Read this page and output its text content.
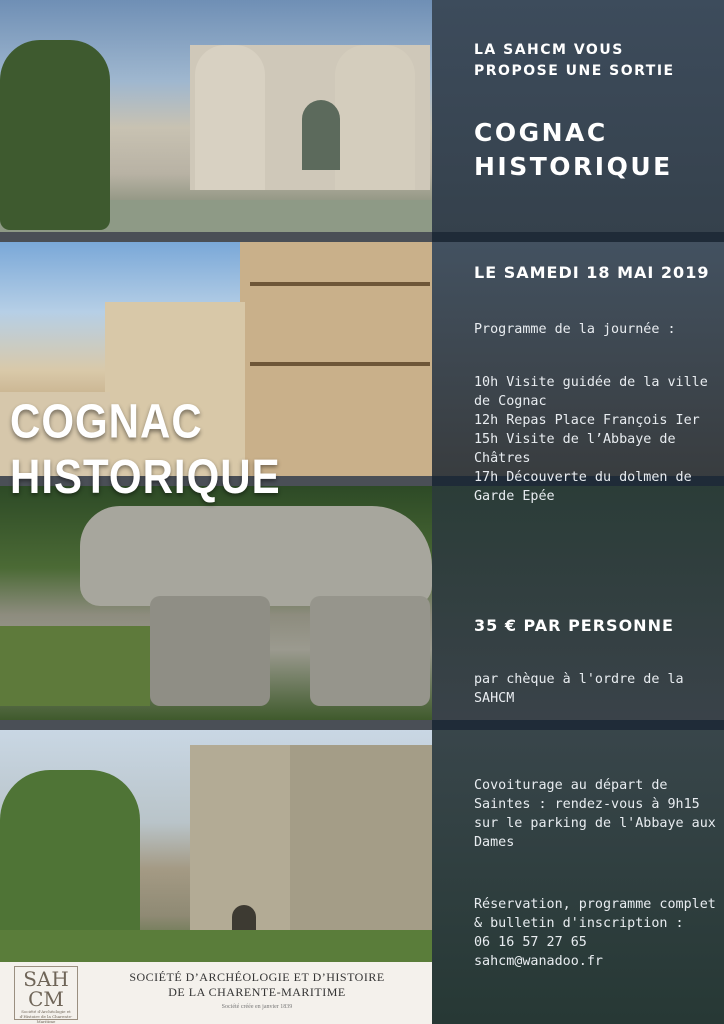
COGNAC HISTORIQUE
LA SAHCM VOUS
PROPOSE UNE SORTIE
COGNAC
HISTORIQUE
LE SAMEDI 18 MAI 2019
Programme de la journée :
10h Visite guidée de la ville de Cognac
12h Repas Place François Ier
15h Visite de l’Abbaye de Châtres
17h Découverte du dolmen de Garde Epée
35 € PAR PERSONNE
par chèque à l'ordre de la SAHCM
Covoiturage au départ de Saintes : rendez-vous à 9h15 sur le parking de l'Abbaye aux Dames
Réservation, programme complet & bulletin d'inscription :
06 16 57 27 65
sahcm@wanadoo.fr
SAH
CM
Société d'Archéologie et d'Histoire de la Charente-Maritime
SOCIÉTÉ D’ARCHÉOLOGIE ET D’HISTOIRE
DE LA CHARENTE-MARITIME
Société créée en janvier 1839
